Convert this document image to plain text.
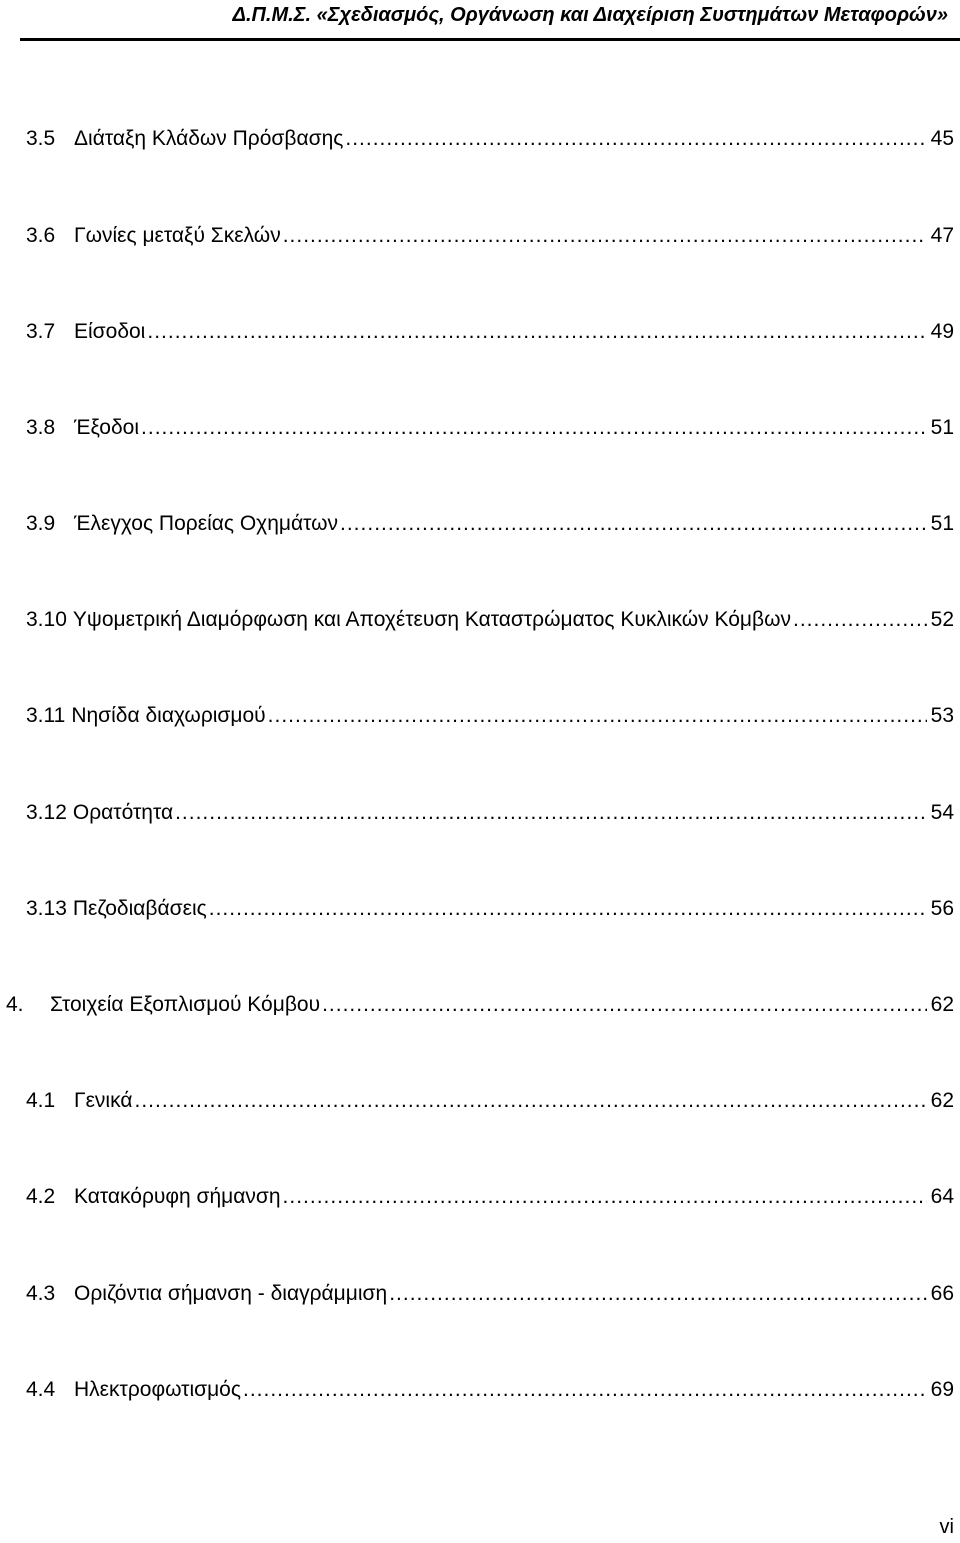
Δ.Π.Μ.Σ. «Σχεδιασμός, Οργάνωση και Διαχείριση Συστημάτων Μεταφορών»
3.5 Διάταξη Κλάδων Πρόσβασης .....	45
3.6 Γωνίες μεταξύ Σκελών .....	47
3.7 Είσοδοι .....	49
3.8 Έξοδοι .....	51
3.9 Έλεγχος Πορείας Οχημάτων .....	51
3.10 Υψομετρική Διαμόρφωση και Αποχέτευση Καταστρώματος Κυκλικών Κόμβων .....	52
3.11 Νησίδα διαχωρισμού .....	53
3.12 Ορατότητα .....	54
3.13 Πεζοδιαβάσεις .....	56
4.	Στοιχεία Εξοπλισμού Κόμβου .....	62
4.1 Γενικά .....	62
4.2 Κατακόρυφη σήμανση .....	64
4.3 Οριζόντια σήμανση - διαγράμμιση .....	66
4.4 Ηλεκτροφωτισμός .....	69
vi
